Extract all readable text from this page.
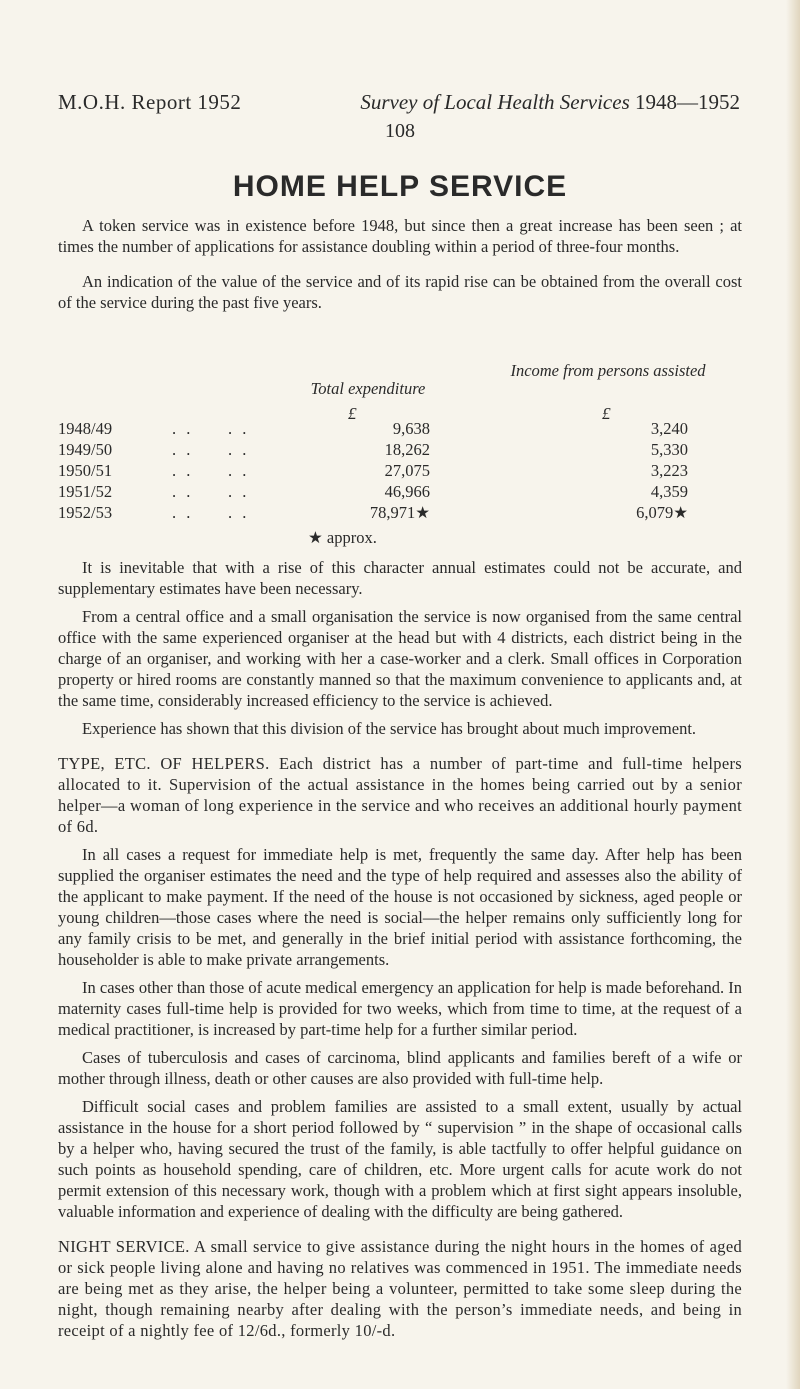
M.O.H. Report 1952	Survey of Local Health Services 1948—1952
108
HOME HELP SERVICE

A token service was in existence before 1948, but since then a great increase has been seen ; at times the number of applications for assistance doubling within a period of three-four months.

An indication of the value of the service and of its rapid rise can be obtained from the overall cost of the service during the past five years.

Total expenditure
Income from persons assisted
£	£
1948/49	. . . .	9,638	3,240
1949/50	. . . .	18,262	5,330
1950/51	. . . .	27,075	3,223
1951/52	. . . .	46,966	4,359
1952/53	. . . .	78,971★	6,079★
★ approx.

It is inevitable that with a rise of this character annual estimates could not be accurate, and supplementary estimates have been necessary.

From a central office and a small organisation the service is now organised from the same central office with the same experienced organiser at the head but with 4 districts, each district being in the charge of an organiser, and working with her a case-worker and a clerk. Small offices in Corporation property or hired rooms are constantly manned so that the maximum convenience to applicants and, at the same time, considerably increased efficiency to the service is achieved.

Experience has shown that this division of the service has brought about much improvement.

TYPE, ETC. OF HELPERS. Each district has a number of part-time and full-time helpers allocated to it. Supervision of the actual assistance in the homes being carried out by a senior helper—a woman of long experience in the service and who receives an additional hourly payment of 6d.

In all cases a request for immediate help is met, frequently the same day. After help has been supplied the organiser estimates the need and the type of help required and assesses also the ability of the applicant to make payment. If the need of the house is not occasioned by sickness, aged people or young children—those cases where the need is social—the helper remains only sufficiently long for any family crisis to be met, and generally in the brief initial period with assistance forthcoming, the householder is able to make private arrangements.

In cases other than those of acute medical emergency an application for help is made beforehand. In maternity cases full-time help is provided for two weeks, which from time to time, at the request of a medical practitioner, is increased by part-time help for a further similar period.

Cases of tuberculosis and cases of carcinoma, blind applicants and families bereft of a wife or mother through illness, death or other causes are also provided with full-time help.

Difficult social cases and problem families are assisted to a small extent, usually by actual assistance in the house for a short period followed by “ supervision ” in the shape of occasional calls by a helper who, having secured the trust of the family, is able tactfully to offer helpful guidance on such points as household spending, care of children, etc. More urgent calls for acute work do not permit extension of this necessary work, though with a problem which at first sight appears insoluble, valuable information and experience of dealing with the difficulty are being gathered.

NIGHT SERVICE. A small service to give assistance during the night hours in the homes of aged or sick people living alone and having no relatives was commenced in 1951. The immediate needs are being met as they arise, the helper being a volunteer, permitted to take some sleep during the night, though remaining nearby after dealing with the person’s immediate needs, and being in receipt of a nightly fee of 12/6d., formerly 10/-d.
